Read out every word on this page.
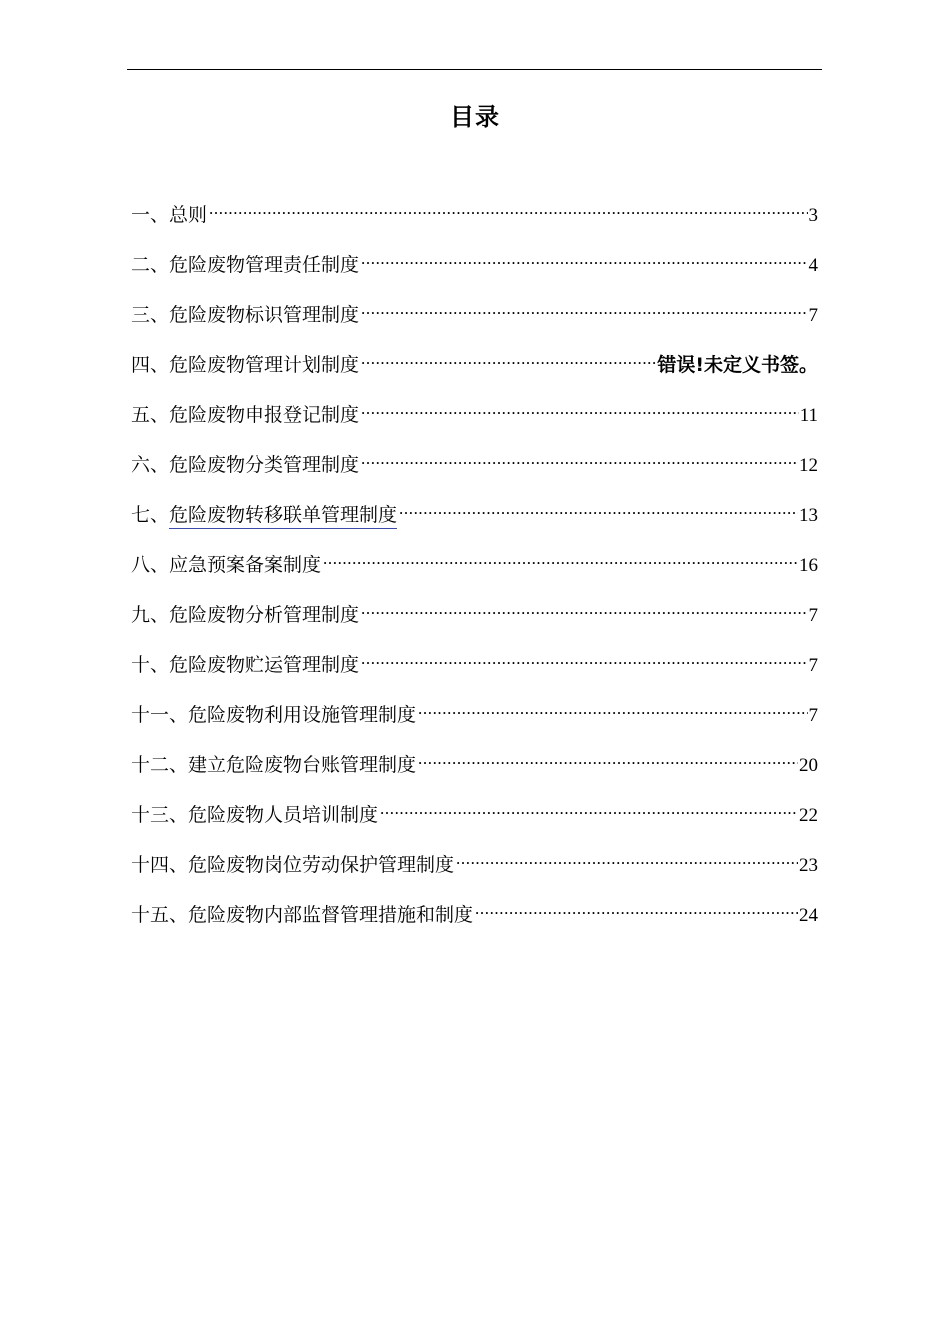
目录
一、总则 .....	3
二、危险废物管理责任制度 .....	4
三、危险废物标识管理制度 .....	7
四、危险废物管理计划制度 .....	错误!未定义书签。
五、危险废物申报登记制度 .....	11
六、危险废物分类管理制度 .....	12
七、危险废物转移联单管理制度 .....	13
八、应急预案备案制度 .....	16
九、危险废物分析管理制度 .....	7
十、危险废物贮运管理制度 .....	7
十一、危险废物利用设施管理制度 .....	7
十二、建立危险废物台账管理制度 .....	20
十三、危险废物人员培训制度 .....	22
十四、危险废物岗位劳动保护管理制度 .....	23
十五、危险废物内部监督管理措施和制度 .....	24
